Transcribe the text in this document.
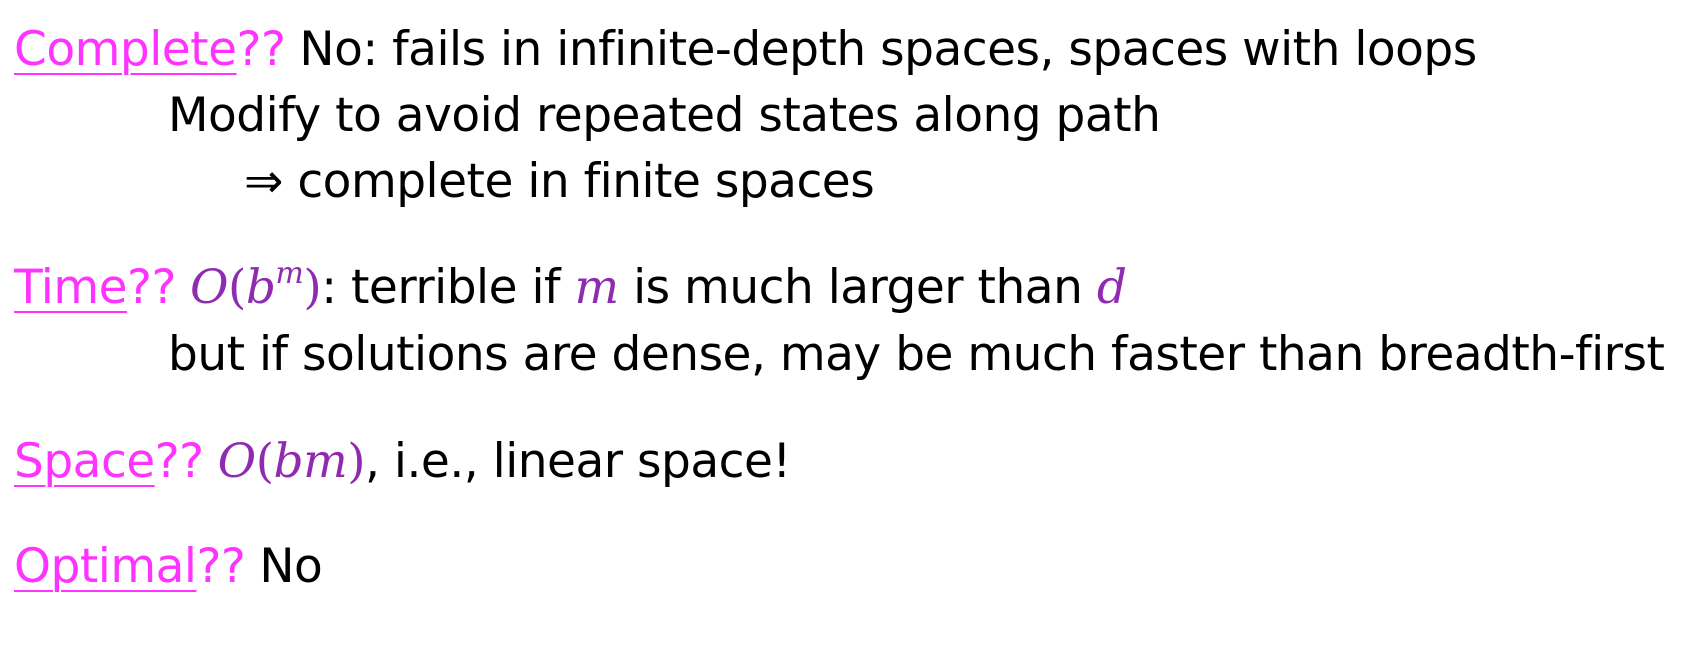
Complete?? No: fails in infinite-depth spaces, spaces with loops
Modify to avoid repeated states along path
⇒ complete in finite spaces
Time?? $O(b^m)$: terrible if m is much larger than d
but if solutions are dense, may be much faster than breadth-first
Space?? O(bm), i.e., linear space!
Optimal?? No
